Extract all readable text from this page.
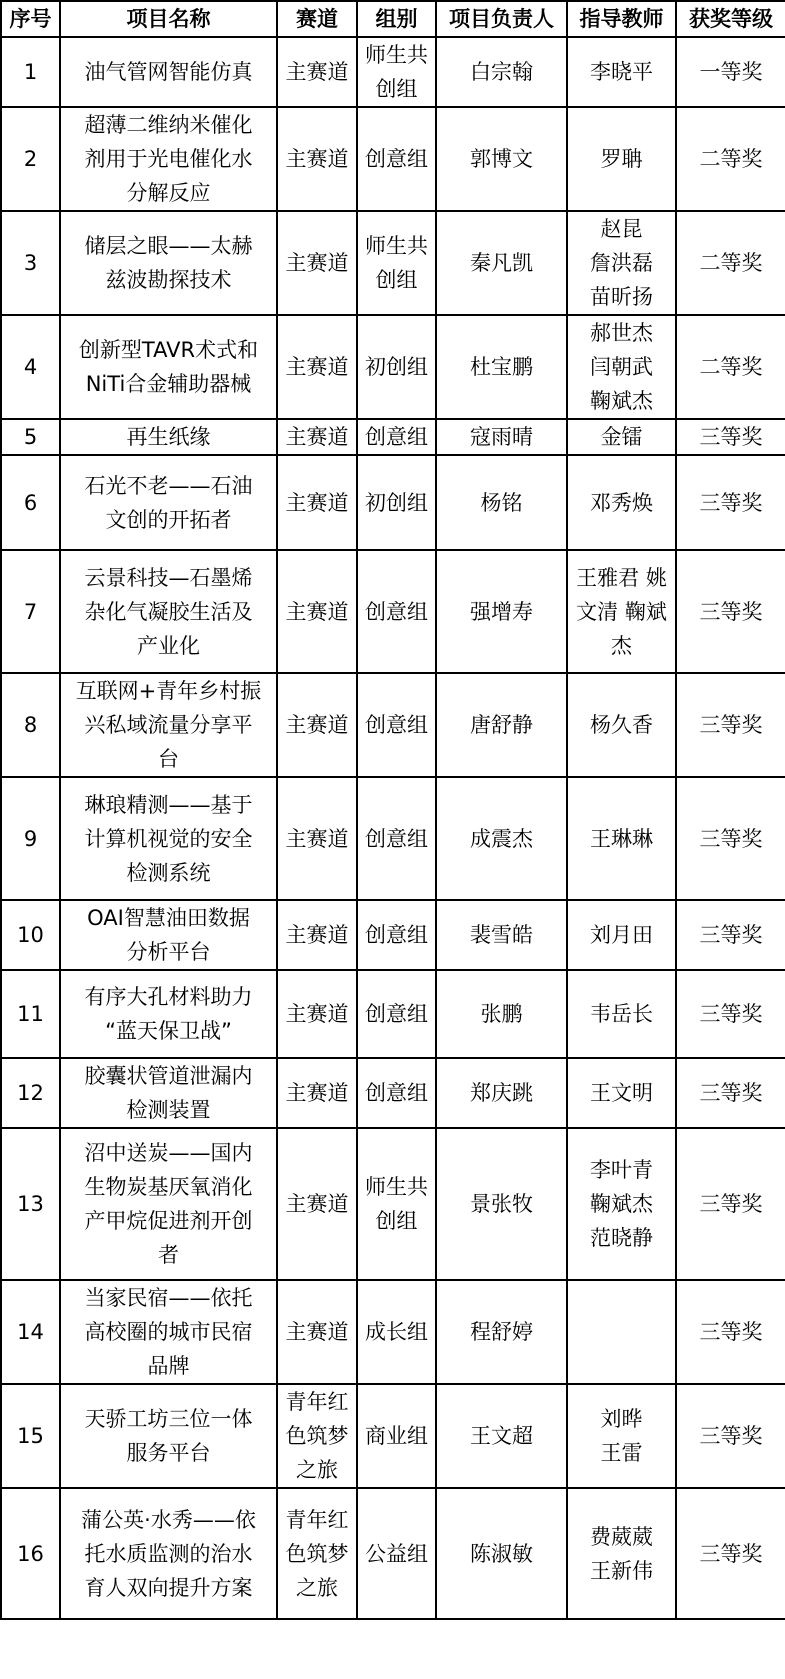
序号	项目名称	赛道	组别	项目负责人	指导教师	获奖等级
1	油气管网智能仿真	主赛道	师生共
创组	白宗翰	李晓平	一等奖
2	超薄二维纳米催化
剂用于光电催化水
分解反应	主赛道	创意组	郭博文	罗聃	二等奖
3	储层之眼——太赫
兹波勘探技术	主赛道	师生共
创组	秦凡凯	赵昆
詹洪磊
苗昕扬	二等奖
4	创新型TAVR术式和
NiTi合金辅助器械	主赛道	初创组	杜宝鹏	郝世杰
闫朝武
鞠斌杰	二等奖
5	再生纸缘	主赛道	创意组	寇雨晴	金镭	三等奖
6	石光不老——石油
文创的开拓者	主赛道	初创组	杨铭	邓秀焕	三等奖
7	云景科技—石墨烯
杂化气凝胶生活及
产业化	主赛道	创意组	强增寿	王雅君 姚
文清 鞠斌
杰	三等奖
8	互联网+青年乡村振
兴私域流量分享平
台	主赛道	创意组	唐舒静	杨久香	三等奖
9	琳琅精测——基于
计算机视觉的安全
检测系统	主赛道	创意组	成震杰	王琳琳	三等奖
10	OAI智慧油田数据
分析平台	主赛道	创意组	裴雪皓	刘月田	三等奖
11	有序大孔材料助力
“蓝天保卫战”	主赛道	创意组	张鹏	韦岳长	三等奖
12	胶囊状管道泄漏内
检测装置	主赛道	创意组	郑庆跳	王文明	三等奖
13	沼中送炭——国内
生物炭基厌氧消化
产甲烷促进剂开创
者	主赛道	师生共
创组	景张牧	李叶青
鞠斌杰
范晓静	三等奖
14	当家民宿——依托
高校圈的城市民宿
品牌	主赛道	成长组	程舒婷		三等奖
15	天骄工坊三位一体
服务平台	青年红
色筑梦
之旅	商业组	王文超	刘晔
王雷	三等奖
16	蒲公英·水秀——依
托水质监测的治水
育人双向提升方案	青年红
色筑梦
之旅	公益组	陈淑敏	费葳葳
王新伟	三等奖
